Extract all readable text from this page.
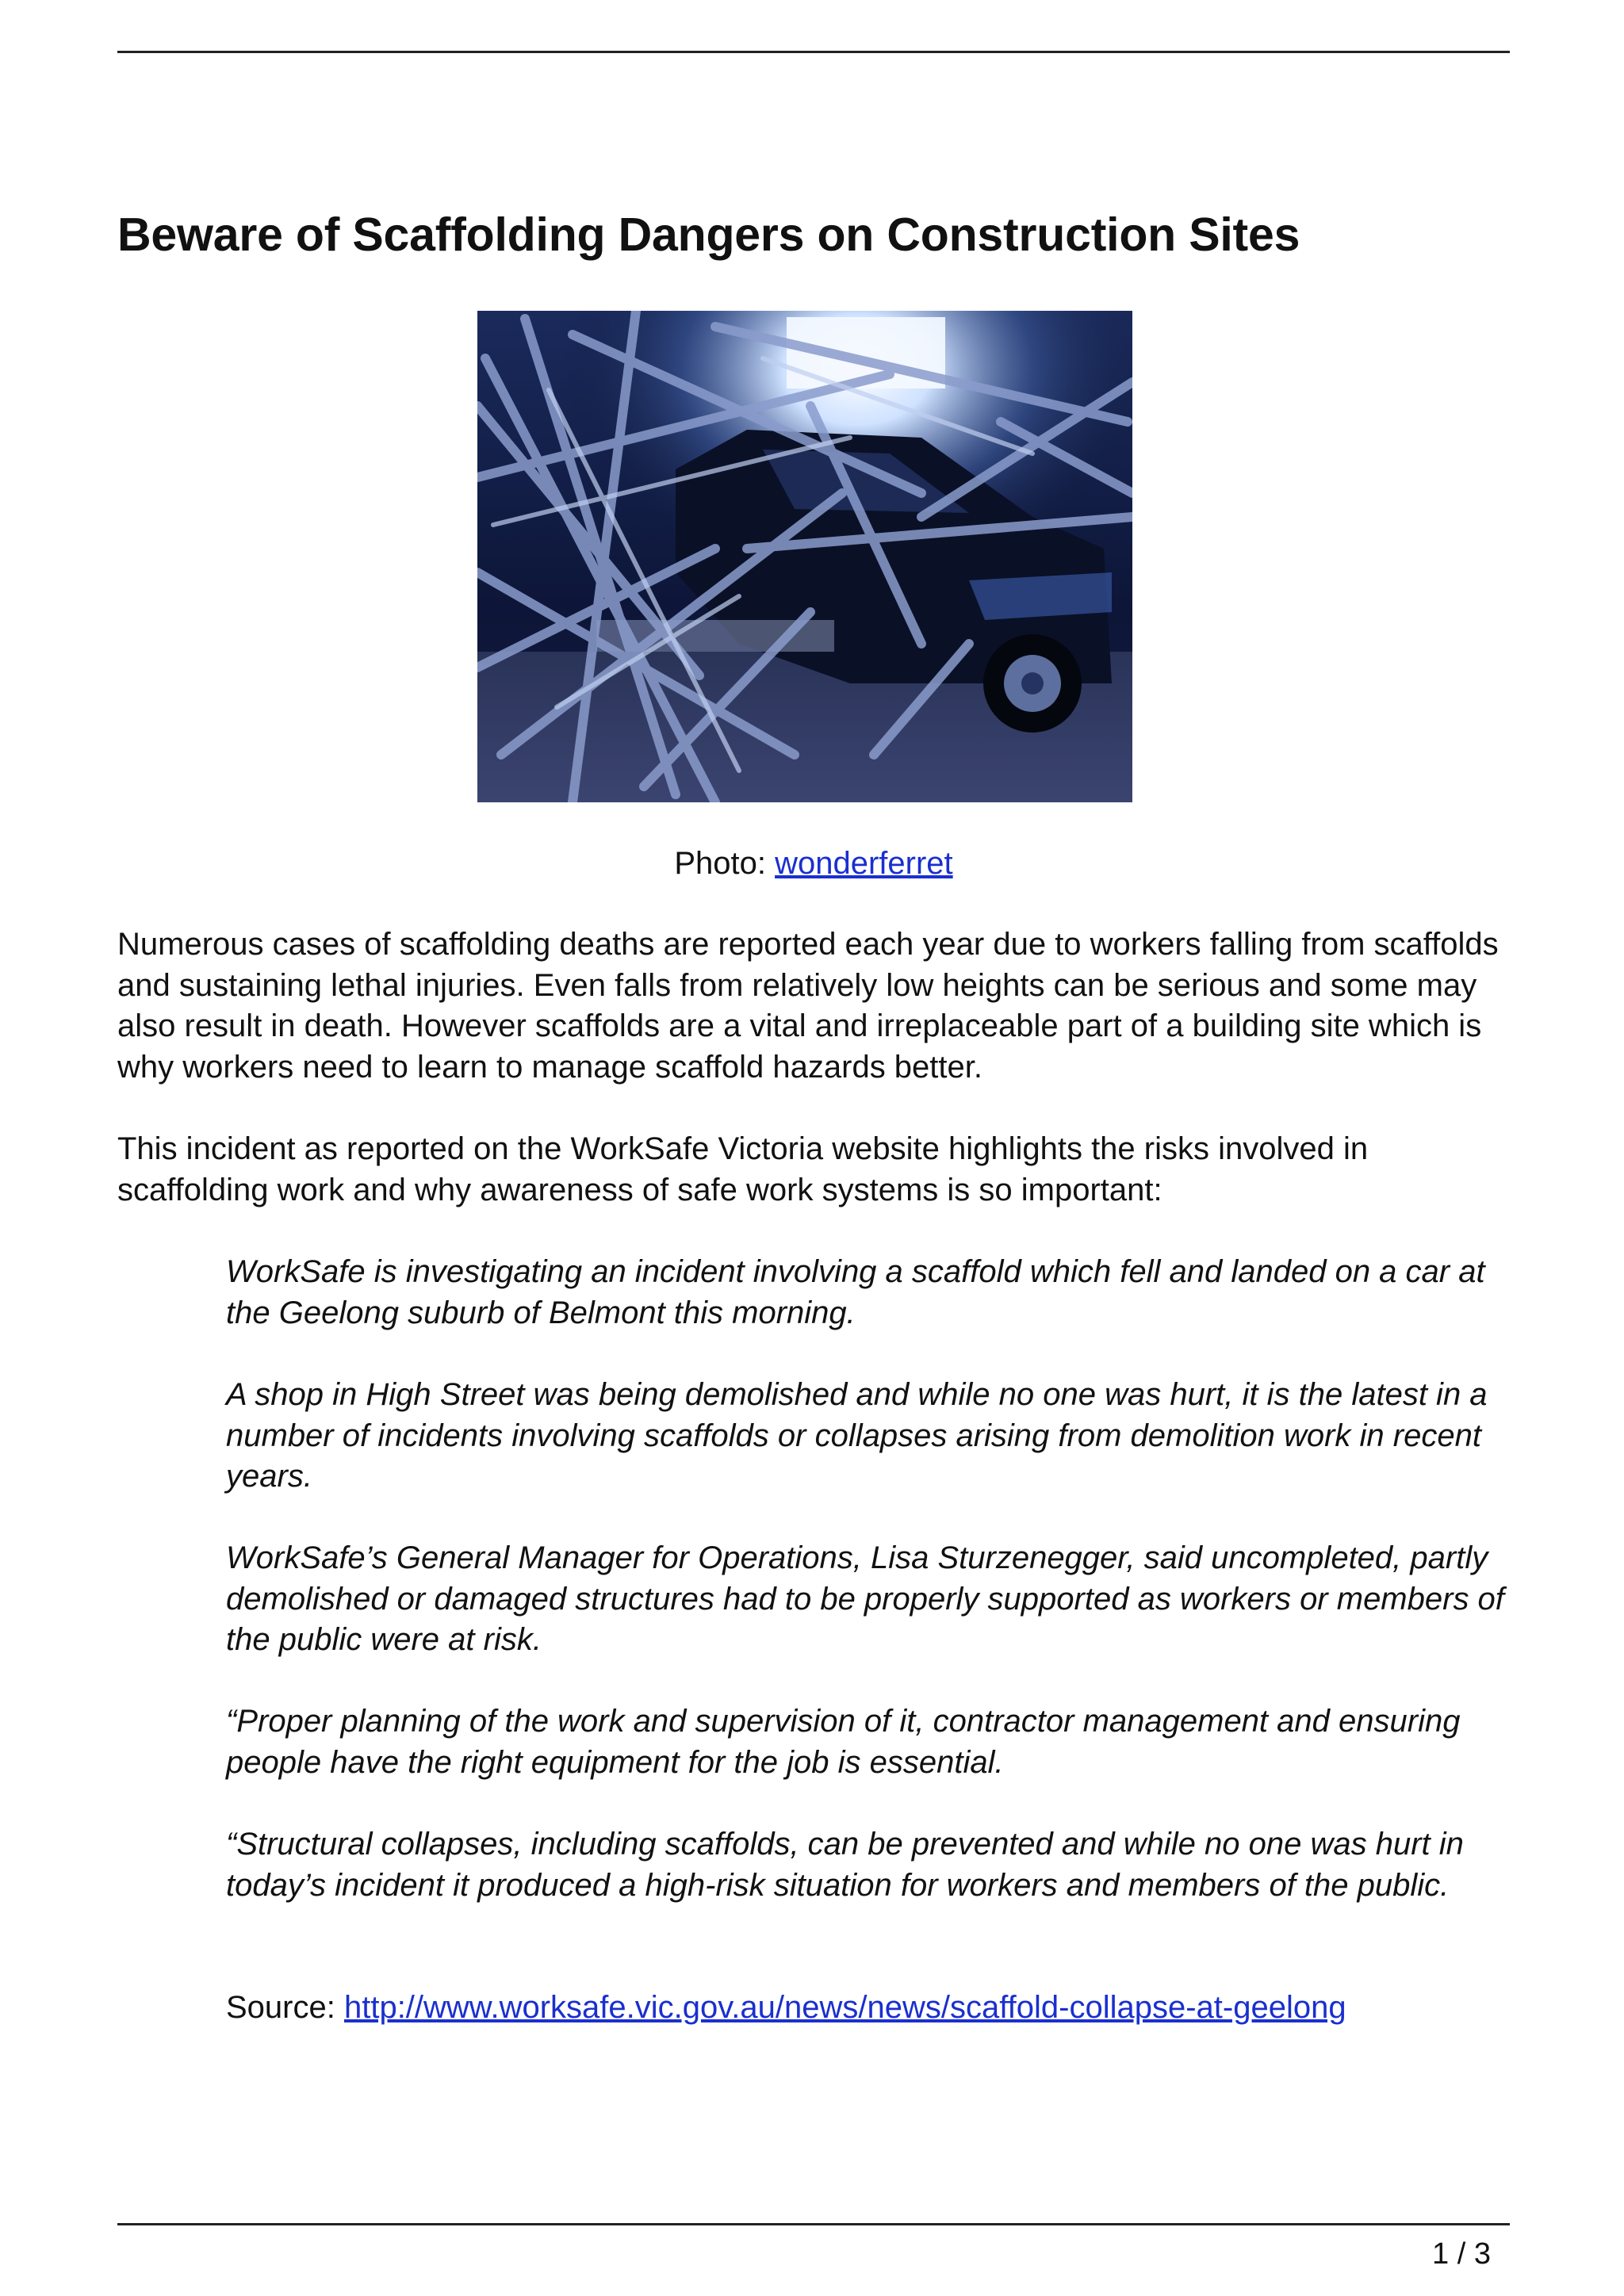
Beware of Scaffolding Dangers on Construction Sites
Photo: wonderferret

Numerous cases of scaffolding deaths are reported each year due to workers falling from scaffolds and sustaining lethal injuries. Even falls from relatively low heights can be serious and some may also result in death. However scaffolds are a vital and irreplaceable part of a building site which is why workers need to learn to manage scaffold hazards better.

This incident as reported on the WorkSafe Victoria website highlights the risks involved in scaffolding work and why awareness of safe work systems is so important:

WorkSafe is investigating an incident involving a scaffold which fell and landed on a car at the Geelong suburb of Belmont this morning.

A shop in High Street was being demolished and while no one was hurt, it is the latest in a number of incidents involving scaffolds or collapses arising from demolition work in recent years.

WorkSafe’s General Manager for Operations, Lisa Sturzenegger, said uncompleted, partly demolished or damaged structures had to be properly supported as workers or members of the public were at risk.

“Proper planning of the work and supervision of it, contractor management and ensuring people have the right equipment for the job is essential.

“Structural collapses, including scaffolds, can be prevented and while no one was hurt in today’s incident it produced a high-risk situation for workers and members of the public.

Source: http://www.worksafe.vic.gov.au/news/news/scaffold-collapse-at-geelong
1 / 3
